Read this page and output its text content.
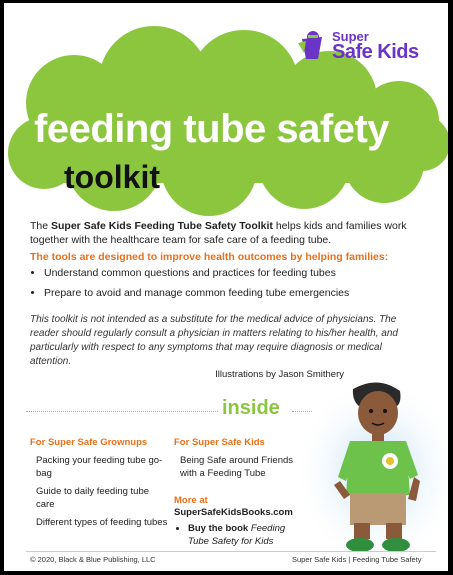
Super
Safe Kids
feeding tube safety
toolkit
The Super Safe Kids Feeding Tube Safety Toolkit helps kids and families work together with the healthcare team for safe care of a feeding tube.
The tools are designed to improve health outcomes by helping families:
• Understand common questions and practices for feeding tubes
• Prepare to avoid and manage common feeding tube emergencies
This toolkit is not intended as a substitute for the medical advice of physicians. The reader should regularly consult a physician in matters relating to his/her health, and particularly with respect to any symptoms that may require diagnosis or medical attention.
Illustrations by Jason Smithery
inside
For Super Safe Grownups
Packing your feeding tube go-bag
Guide to daily feeding tube care
Different types of feeding tubes
For Super Safe Kids
Being Safe around Friends with a Feeding Tube
More at
SuperSafeKidsBooks.com
• Buy the book Feeding Tube Safety for Kids
© 2020, Black & Blue Publishing, LLC	Super Safe Kids | Feeding Tube Safety
